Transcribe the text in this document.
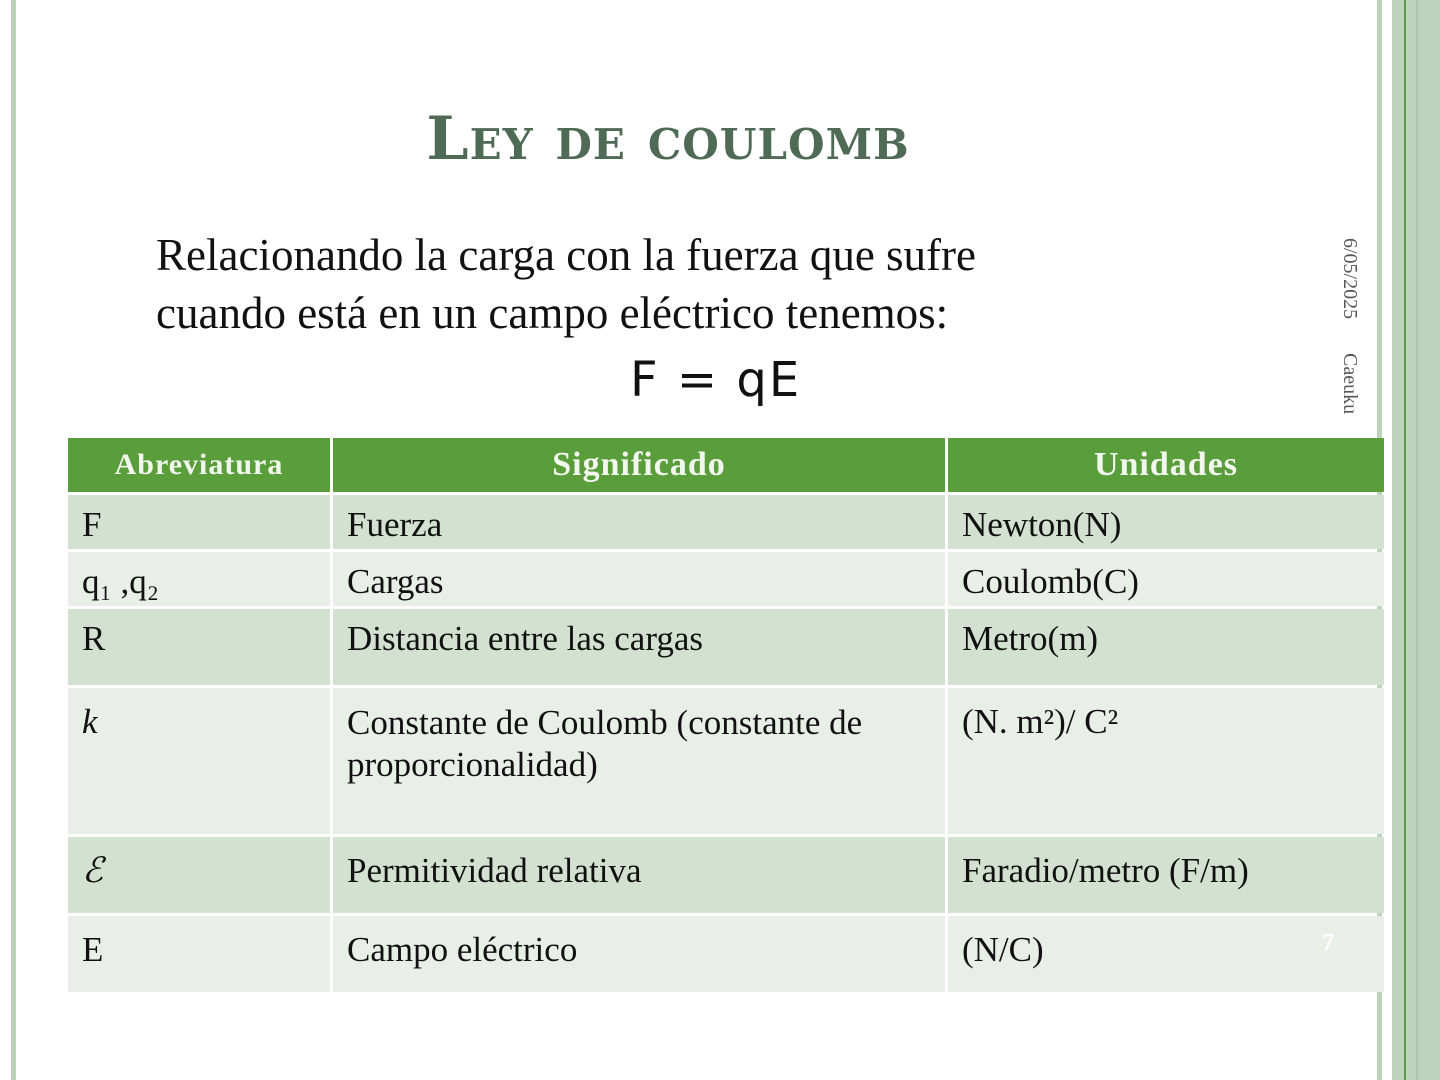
Ley de coulomb
Relacionando la carga con la fuerza que sufre
cuando está en un campo eléctrico tenemos:
F = qE
6/05/2025Caeuku
Abreviatura	Significado	Unidades
F	Fuerza	Newton(N)
q₁ ,q₂	Cargas	Coulomb(C)
R	Distancia entre las cargas	Metro(m)
k	Constante de Coulomb (constante de proporcionalidad)	(N. m²)/ C²
ℰ	Permitividad relativa	Faradio/metro (F/m)
E	Campo eléctrico	(N/C)	7
